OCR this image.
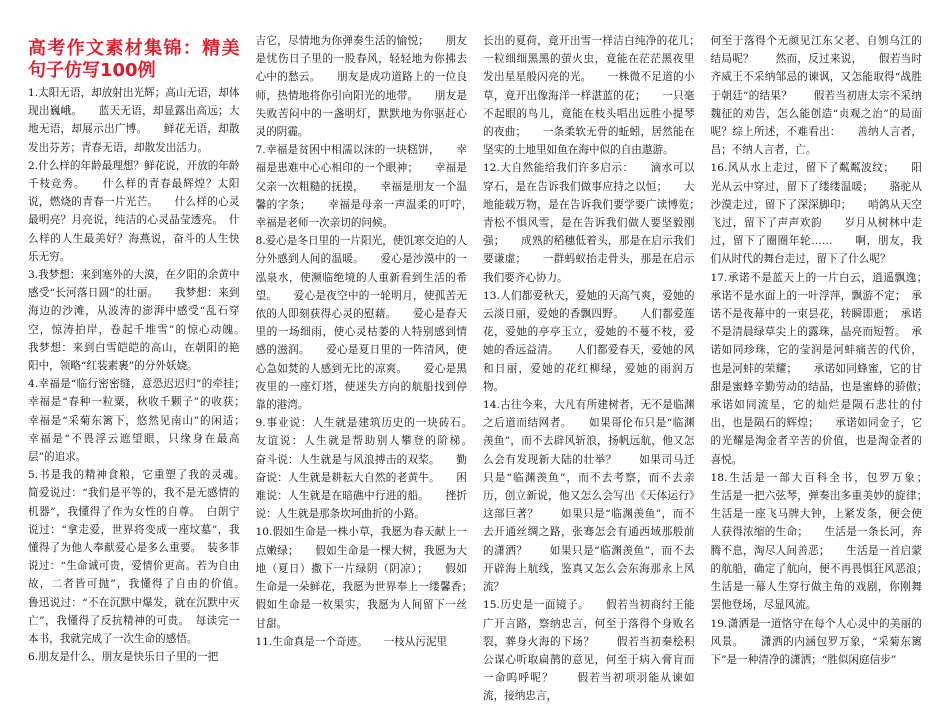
高考作文素材集锦：精美句子仿写100例

1.太阳无语，却放射出光辉；高山无语，却体现出巍峨。　　蓝天无语，却显露出高远；大地无语，却展示出广博。　　鲜花无语，却散发出芬芳；青春无语，却散发出活力。

2.什么样的年龄最理想？鲜花说，开放的年龄千枝竞秀。　　什么样的青春最辉煌？太阳说，燃烧的青春一片光芒。　　什么样的心灵最明亮？月亮说，纯洁的心灵晶莹透亮。　什么样的人生最美好？海燕说，奋斗的人生快乐无穷。

3.我梦想：来到塞外的大漠，在夕阳的余黄中感受“长河落日圆”的壮丽。　　我梦想：来到海边的沙滩，从波涛的澎湃中感受“乱石穿空，惊涛拍岸，卷起千堆雪”的惊心动魄。　　我梦想：来到白雪皑皑的高山，在朝阳的艳阳中，领略“红装素裹”的分外妖娆。

4.幸福是“临行密密缝，意恐迟迟归”的牵挂；　　幸福是“春种一粒粟，秋收千颗子”的收获；　　幸福是“采菊东篱下，悠然见南山”的闲适；　　幸福是“不畏浮云遮望眼，只缘身在最高层”的追求。

5.书是我的精神食粮，它重塑了我的灵魂。　　简爱说过：“我们是平等的，我不是无感情的机器”，我懂得了作为女性的自尊。　白朗宁说过：“拿走爱，世界将变成一座坟墓”，我懂得了为他人奉献爱心是多么重要。　装多菲说过：“生命诚可贵，爱情价更高。若为自由故，二者皆可抛”，我懂得了自由的价值。　　鲁迅说过：“不在沉默中爆发，就在沉默中灭亡”，我懂得了反抗精神的可贵。　每读完一本书，我就完成了一次生命的感悟。

6.朋友是什么，朋友是快乐日子里的一把

吉它，尽情地为你弹奏生活的愉悦；　　朋友是忧伤日子里的一股春风，轻轻地为你拂去心中的愁云。　　朋友是成功道路上的一位良师，热情地将你引向阳光的地带。　　朋友是失败苦闷中的一盏明灯，默默地为你驱赶心灵的阴霾。

7.幸福是贫困中相濡以沫的一块糕饼，　　幸福是患难中心心相印的一个眼神；　　幸福是父亲一次粗糙的抚摸，　　幸福是朋友一个温馨的字条；　　幸福是母亲一声温柔的叮咛，　　幸福是老师一次亲切的问候。

8.爱心是冬日里的一片阳光，使饥寒交迫的人分外感到人间的温暖。　　爱心是沙漠中的一泓泉水，使濒临绝境的人重新看到生活的希望。　　爱心是夜空中的一轮明月，使孤苦无依的人即刻获得心灵的慰藉。　　爱心是春天里的一场细雨，使心灵枯萎的人特别感到情感的滋润。　　爱心是夏日里的一阵清风，使心急如焚的人感到无比的凉爽。　　爱心是黑夜里的一座灯塔，使迷失方向的航船找到停靠的港湾。

9.事业说：人生就是建筑历史的一块砖石。　　友谊说：人生就是帮助别人攀登的阶梯。　　奋斗说：人生就是与风浪搏击的双桨。　　勤奋说：人生就是耕耘大自然的老黄牛。　　困难说：人生就是在暗礁中行进的船。　　挫折说：人生就是那条坎坷曲折的小路。

10.假如生命是一株小草，我愿为春天献上一点嫩绿；　　假如生命是一棵大树，我愿为大地（夏日）撒下一片绿阴（阴凉）；　　假如生命是一朵鲜花，我愿为世界奉上一缕馨香；　　假如生命是一枚果实，我愿为人间留下一丝甘甜。

11.生命真是一个奇迹。　　一枝从污泥里

长出的夏荷，竟开出雪一样洁白纯净的花儿；　　一粒细细黑黑的萤火虫，竟能在茫茫黑夜里发出星星般闪亮的光。　　一株微不足道的小草，竟开出像海洋一样湛蓝的花；　　一只毫不起眼的鸟儿，竟能在枝头唱出远胜小提琴的夜曲；　　一条柔软无骨的蚯蚓，居然能在坚实的土地里如鱼在海中似的自由遨游。

12.大自然能给我们许多启示：　　滴水可以穿石，是在告诉我们做事应持之以恒；　　大地能载万物，是在告诉我们要学要广读博览；　　青松不惧风雪，是在告诉我们做人要坚毅刚强；　　成熟的稻穗低着头，那是在启示我们要谦虚；　　一群蚂蚁抬走骨头，那是在启示我们要齐心协力。

13.人们都爱秋天，爱她的天高气爽，爱她的云淡日丽，爱她的香飘四野。　　人们都爱莲花，爱她的亭亭玉立，爱她的不蔓不枝，爱她的香远益清。　　人们都爱春天，爱她的风和日丽，爱她的花红柳绿，爱她的雨润万物。

14.古往今来，大凡有所建树者，无不是临渊之后道而结网者。　　如果哥伦布只是“临渊羡鱼”，而不去辟风斩浪，扬帆远航，他又怎么会有发现新大陆的壮举？　　如果司马迁只是“临渊羡鱼”，而不去考察，而不去亲历，创立新说，他又怎么会写出《天体运行》这部巨著？　　如果只是“临渊羡鱼”，而不去开通丝绸之路，张骞怎会有通西域那般前的潇洒？　　如果只是“临渊羡鱼”，而不去开辟海上航线，鉴真又怎么会东海那永上风流？

15.历史是一面镜子。　　假若当初商纣王能广开言路，察纳忠言，何至于落得个身败名裂，葬身火海的下场？　　假若当初秦桧积公谋心听取扁鹊的意见，何至于病入膏肓而一命呜呼呢？　　假若当初项羽能从谏如流，接纳忠言，

何至于落得个无颜见江东父老、自刎乌江的结局呢？　　然而，反过来说，　　假若当时齐威王不采纳邹忌的谏讽，又怎能取得“战胜于朝廷”的结果？　　假若当初唐太宗不采纳魏征的劝告，怎么能创造“贞观之治”的局面呢？综上所述，不难看出：　　善纳人言者，昌；不纳人言者，亡。

16.风从水上走过，留下了粼粼波纹；　　阳光从云中穿过，留下了缕缕温暖；　　骆驼从沙漠走过，留下了深深脚印；　　哨鸽从天空飞过，留下了声声欢韵　　岁月从树林中走过，留下了圈圈年轮……　　啊，朋友，我们从时代的舞台走过，留下了什么呢？

17.承诺不是蓝天上的一片白云，逍遥飘逸；　　承诺不是水面上的一叶浮萍，飘游不定；　承诺不是夜幕中的一束昙花，转瞬即逝；　承诺不是清晨绿草尖上的露珠，晶亮而短暂。　承诺如同珍珠，它的莹润是河蚌痛苦的代价，也是河蚌的荣耀；　　承诺如同蜂蜜，它的甘甜是蜜蜂辛勤劳动的结晶，也是蜜蜂的骄傲；　承诺如同流星，它的灿烂是陨石悲壮的付出，也是陨石的辉煌；　　承诺如同金子，它的光耀是淘金者辛苦的价值，也是淘金者的喜悦。

18.生活是一部大百科全书，包罗万象；　　生活是一把六弦琴，弹奏出多重美妙的旋律；　生活是一座飞马牌大钟，上紧发条，便会使人获得浓缩的生命；　　生活是一条长河，奔腾不息，淘尽人间善恶；　　生活是一首启蒙的航船，确定了航向，便不再畏惧狂风恶浪；　　生活是一幕人生穿行做主角的戏剧，你刚舞罢他登场，尽显风流。

19.潇洒是一道恪守在每个人心灵中的美丽的风景。　　潇洒的内涵包罗万象，“采菊东篱下”是一种清净的潇洒；“胜似闲庭信步”
